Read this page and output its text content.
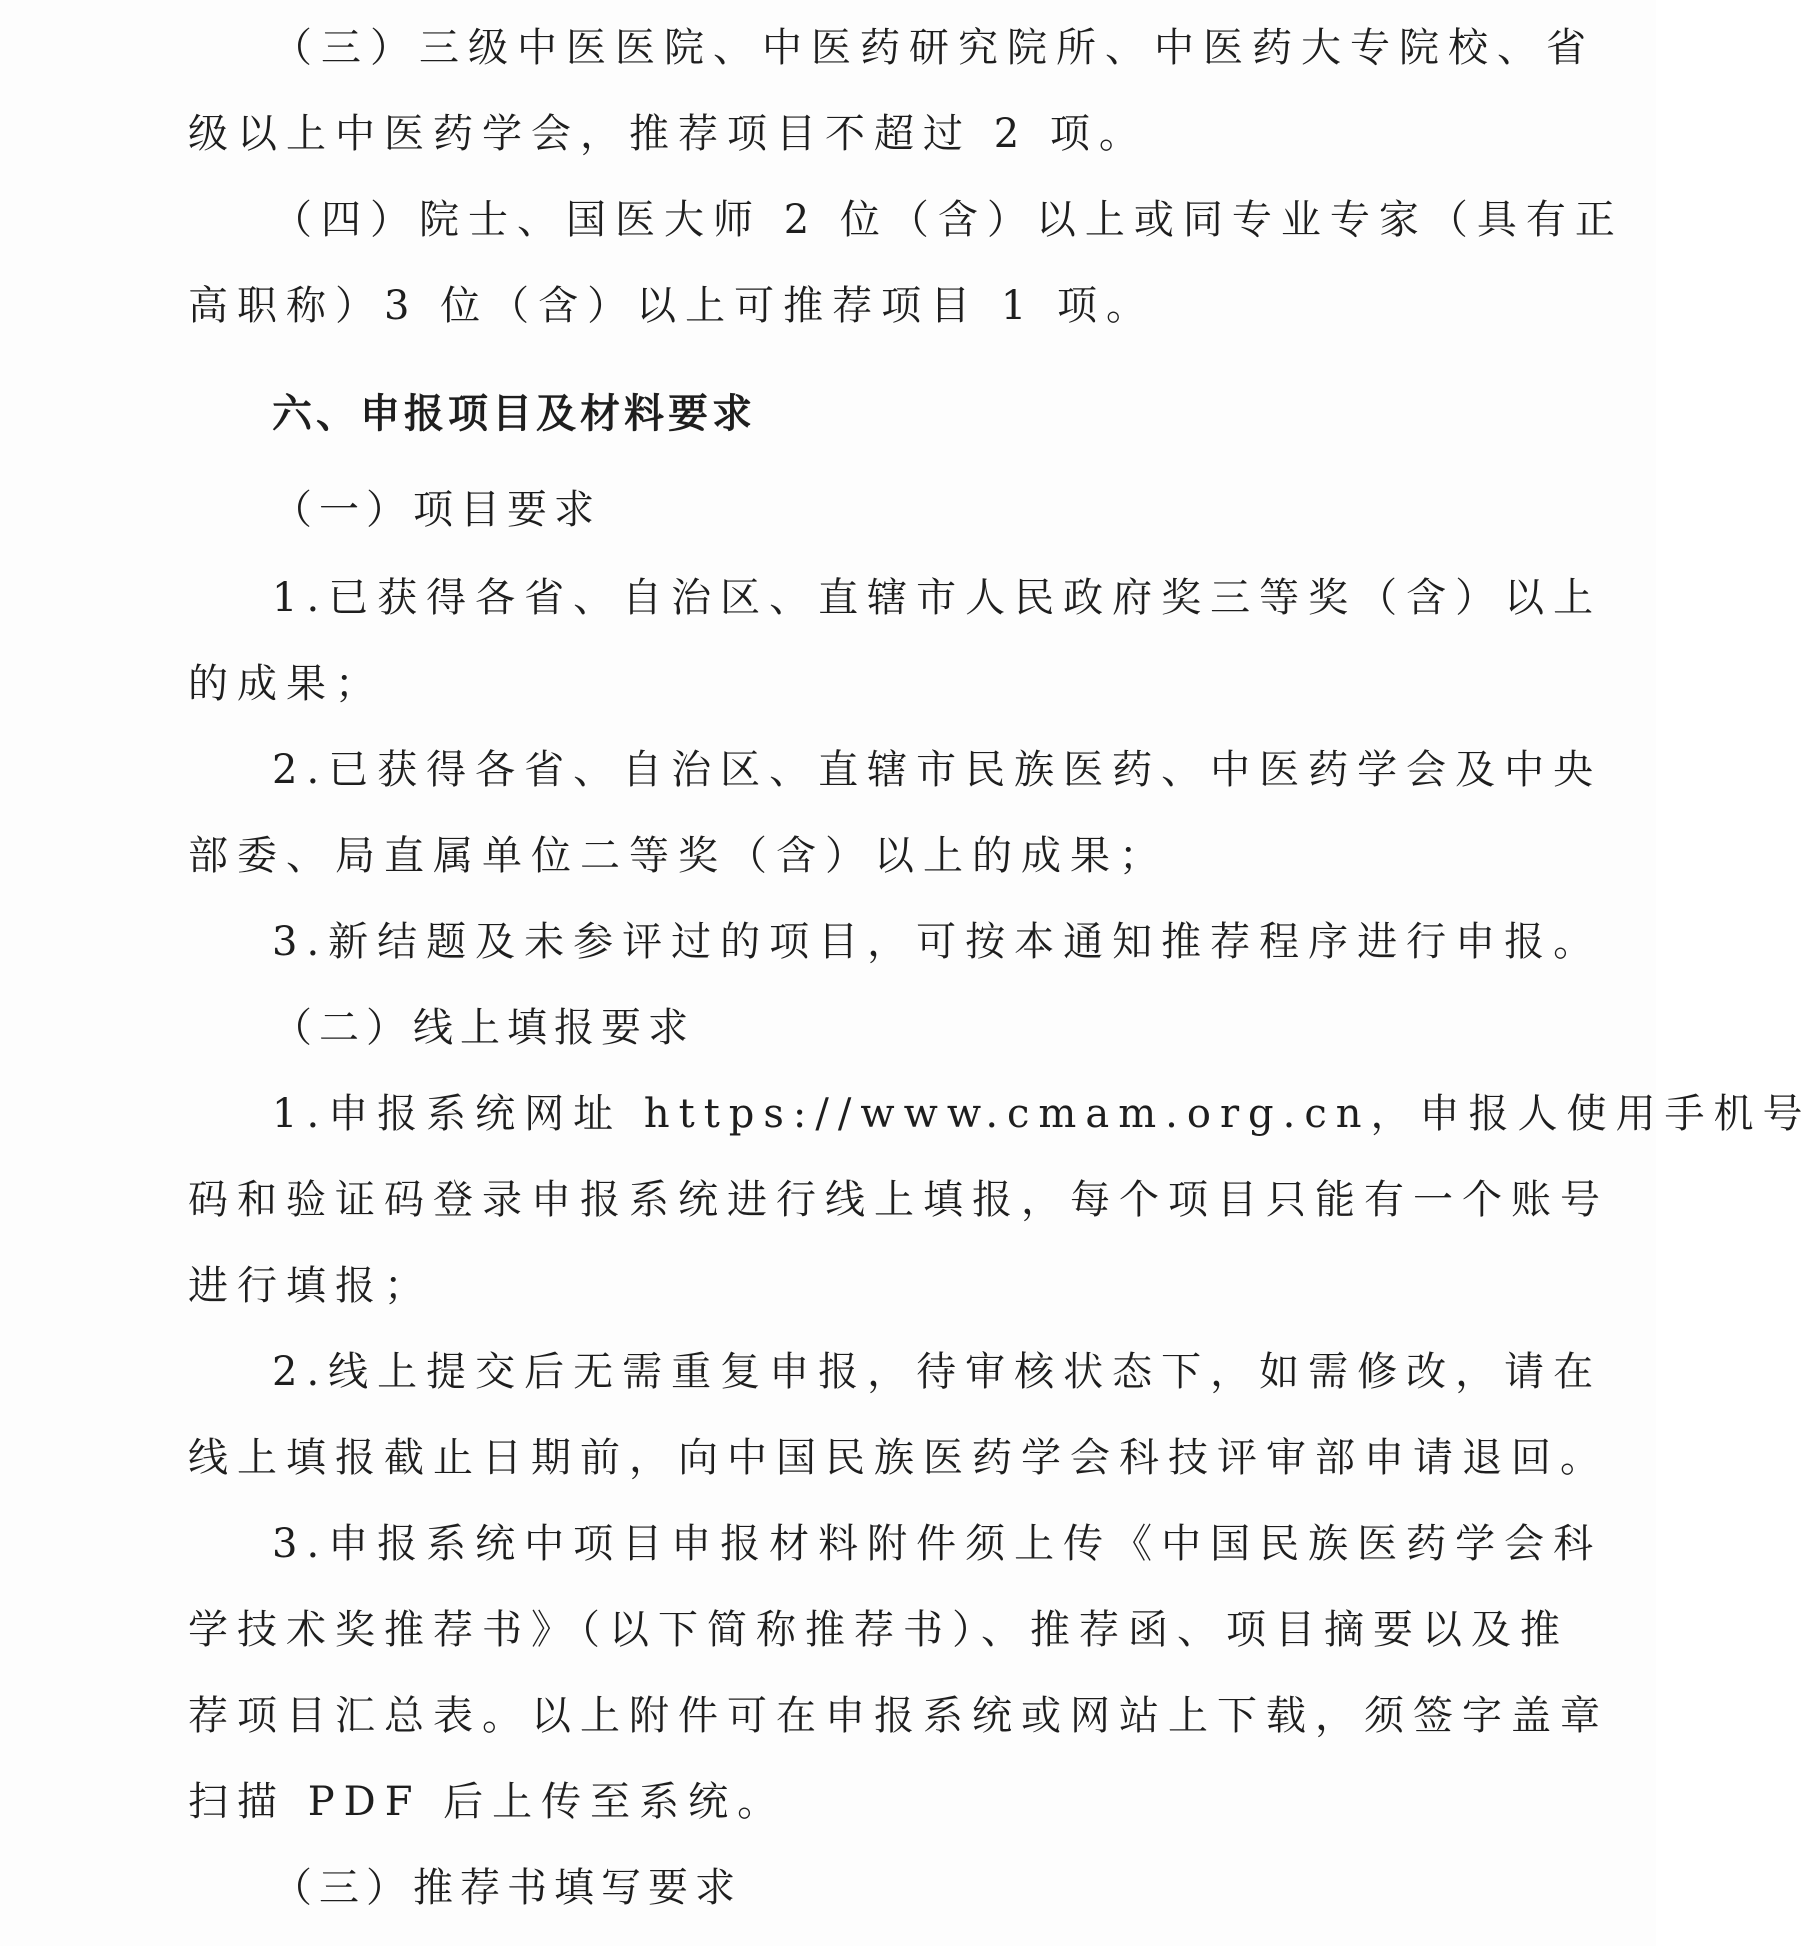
（三）三级中医医院、中医药研究院所、中医药大专院校、省
级以上中医药学会，推荐项目不超过 2 项。
（四）院士、国医大师 2 位（含）以上或同专业专家（具有正
高职称）3 位（含）以上可推荐项目 1 项。
六、申报项目及材料要求
（一）项目要求
1.已获得各省、自治区、直辖市人民政府奖三等奖（含）以上
的成果；
2.已获得各省、自治区、直辖市民族医药、中医药学会及中央
部委、局直属单位二等奖（含）以上的成果；
3.新结题及未参评过的项目，可按本通知推荐程序进行申报。
（二）线上填报要求
1.申报系统网址 https://www.cmam.org.cn，申报人使用手机号
码和验证码登录申报系统进行线上填报，每个项目只能有一个账号
进行填报；
2.线上提交后无需重复申报，待审核状态下，如需修改，请在
线上填报截止日期前，向中国民族医药学会科技评审部申请退回。
3.申报系统中项目申报材料附件须上传《中国民族医药学会科
学技术奖推荐书》（以下简称推荐书）、推荐函、项目摘要以及推
荐项目汇总表。以上附件可在申报系统或网站上下载，须签字盖章
扫描 PDF 后上传至系统。
（三）推荐书填写要求
